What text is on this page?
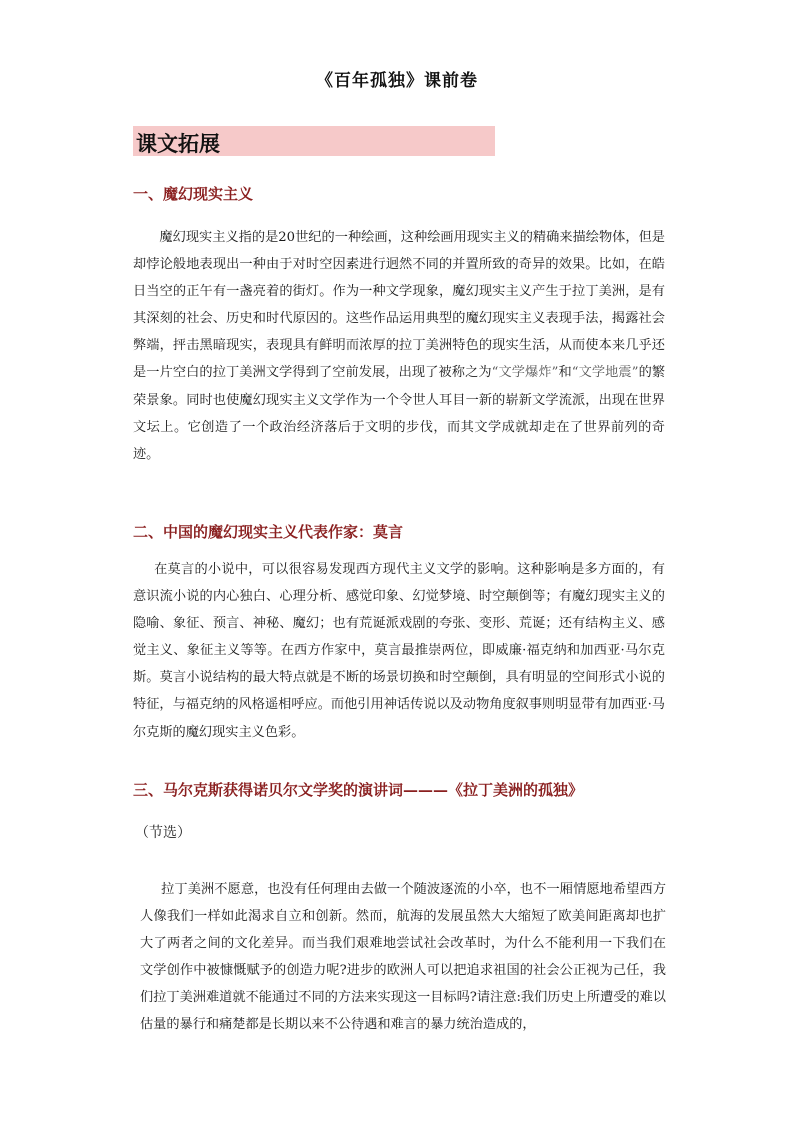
《百年孤独》课前卷
课文拓展
一、魔幻现实主义

魔幻现实主义指的是20世纪的一种绘画，这种绘画用现实主义的精确来描绘物体，但是却悖论般地表现出一种由于对时空因素进行迥然不同的并置所致的奇异的效果。比如，在皓日当空的正午有一盏亮着的街灯。作为一种文学现象，魔幻现实主义产生于拉丁美洲，是有其深刻的社会、历史和时代原因的。这些作品运用典型的魔幻现实主义表现手法，揭露社会弊端，抨击黑暗现实，表现具有鲜明而浓厚的拉丁美洲特色的现实生活，从而使本来几乎还是一片空白的拉丁美洲文学得到了空前发展，出现了被称之为“文学爆炸”和“文学地震”的繁荣景象。同时也使魔幻现实主义文学作为一个令世人耳目一新的崭新文学流派，出现在世界文坛上。它创造了一个政治经济落后于文明的步伐，而其文学成就却走在了世界前列的奇迹。

二、中国的魔幻现实主义代表作家：莫言

在莫言的小说中，可以很容易发现西方现代主义文学的影响。这种影响是多方面的，有意识流小说的内心独白、心理分析、感觉印象、幻觉梦境、时空颠倒等；有魔幻现实主义的隐喻、象征、预言、神秘、魔幻；也有荒诞派戏剧的夸张、变形、荒诞；还有结构主义、感觉主义、象征主义等等。在西方作家中，莫言最推崇两位，即威廉·福克纳和加西亚·马尔克斯。莫言小说结构的最大特点就是不断的场景切换和时空颠倒，具有明显的空间形式小说的特征，与福克纳的风格遥相呼应。而他引用神话传说以及动物角度叙事则明显带有加西亚·马尔克斯的魔幻现实主义色彩。

三、马尔克斯获得诺贝尔文学奖的演讲词———《拉丁美洲的孤独》
（节选）

拉丁美洲不愿意，也没有任何理由去做一个随波逐流的小卒，也不一厢情愿地希望西方人像我们一样如此渴求自立和创新。然而，航海的发展虽然大大缩短了欧美间距离却也扩大了两者之间的文化差异。而当我们艰难地尝试社会改革时，为什么不能利用一下我们在文学创作中被慷慨赋予的创造力呢?进步的欧洲人可以把追求祖国的社会公正视为己任，我们拉丁美洲难道就不能通过不同的方法来实现这一目标吗?请注意:我们历史上所遭受的难以估量的暴行和痛楚都是长期以来不公待遇和难言的暴力统治造成的，
